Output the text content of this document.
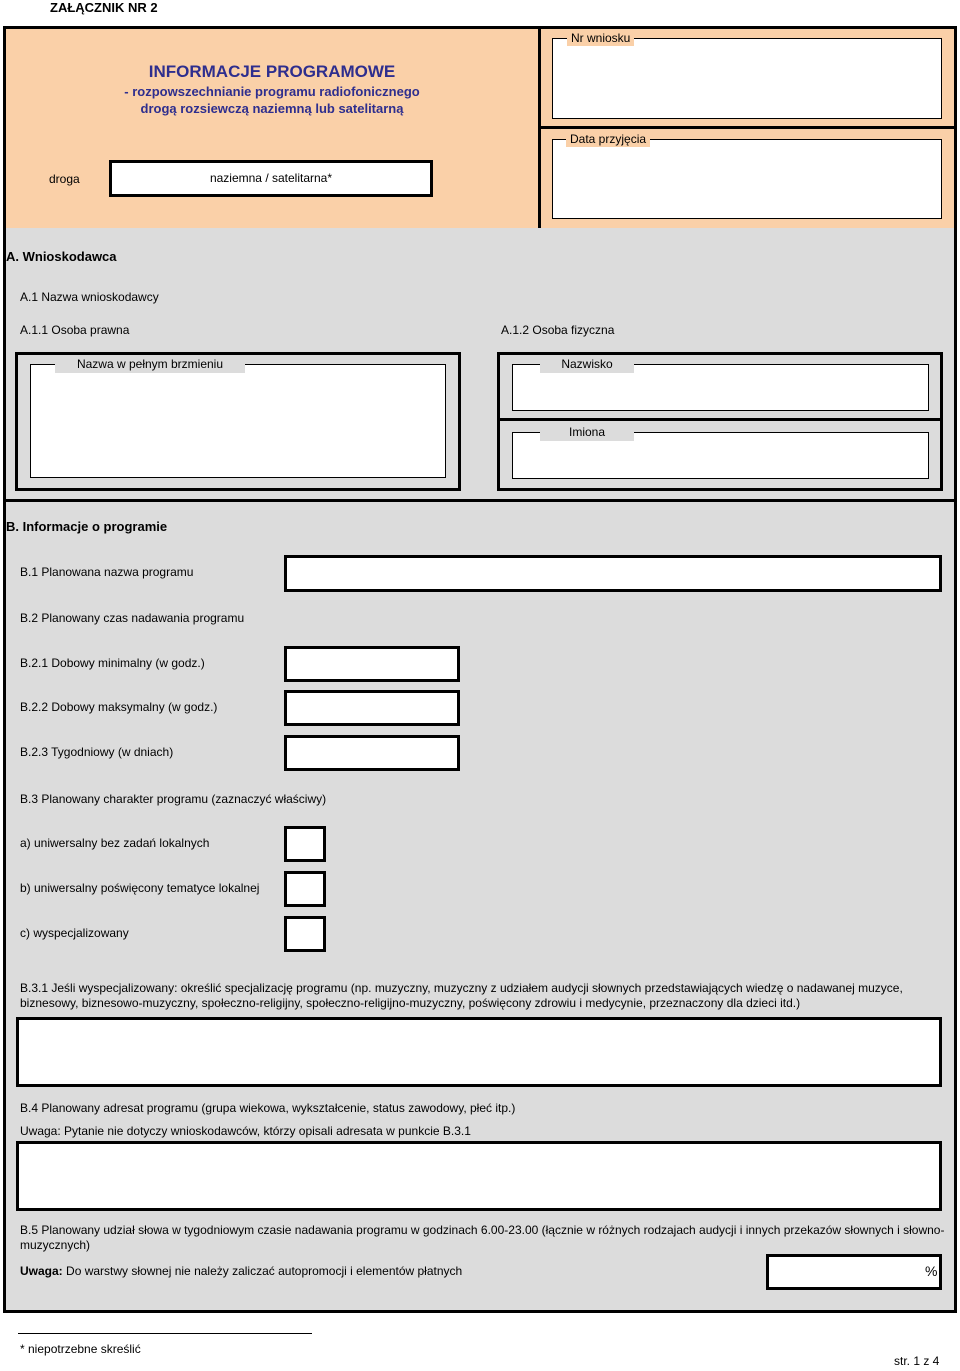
ZAŁĄCZNIK NR 2
INFORMACJE PROGRAMOWE
- rozpowszechnianie programu radiofonicznego
drogą rozsiewczą naziemną lub satelitarną
droga	naziemna / satelitarna*
Nr wniosku
Data przyjęcia
A. Wnioskodawca
A.1 Nazwa wnioskodawcy
A.1.1 Osoba prawna	A.1.2 Osoba fizyczna
Nazwa w pełnym brzmieniu	Nazwisko
Imiona
B. Informacje o programie
B.1 Planowana nazwa programu
B.2 Planowany czas nadawania programu
B.2.1 Dobowy minimalny (w godz.)
B.2.2 Dobowy maksymalny (w godz.)
B.2.3 Tygodniowy (w dniach)
B.3 Planowany charakter programu (zaznaczyć właściwy)
a) uniwersalny bez zadań lokalnych
b) uniwersalny poświęcony tematyce lokalnej
c) wyspecjalizowany
B.3.1 Jeśli wyspecjalizowany: określić specjalizację programu (np. muzyczny, muzyczny z udziałem audycji słownych przedstawiających wiedzę o nadawanej muzyce,
biznesowy, biznesowo-muzyczny, społeczno-religijny, społeczno-religijno-muzyczny, poświęcony zdrowiu i medycynie, przeznaczony dla dzieci itd.)
B.4 Planowany adresat programu (grupa wiekowa, wykształcenie, status zawodowy, płeć itp.)
Uwaga: Pytanie nie dotyczy wnioskodawców, którzy opisali adresata w punkcie B.3.1
B.5 Planowany udział słowa w tygodniowym czasie nadawania programu w godzinach 6.00-23.00 (łącznie w różnych rodzajach audycji i innych przekazów słownych i słowno-
muzycznych)
Uwaga: Do warstwy słownej nie należy zaliczać autopromocji i elementów płatnych	%
* niepotrzebne skreślić
str. 1 z 4
